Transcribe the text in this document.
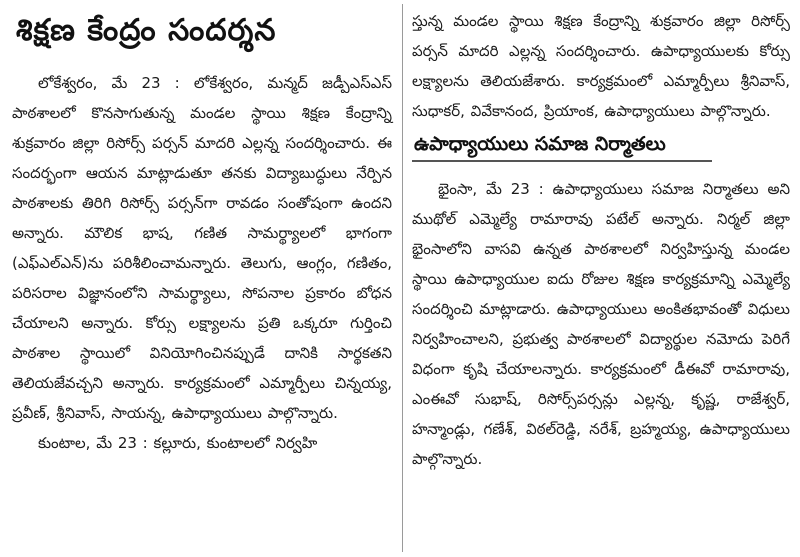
శిక్షణ కేంద్రం సందర్శన

లోకేశ్వరం, మే 23 : లోకేశ్వరం, మన్మద్ జడ్పీఎస్ఎస్ పాఠశాలలో కొనసాగుతున్న మండల స్థాయి శిక్షణ కేంద్రాన్ని శుక్రవారం జిల్లా రిసోర్స్ పర్సన్ మాదరి ఎల్లన్న సందర్శించారు. ఈ సందర్భంగా ఆయన మాట్లాడుతూ తనకు విద్యాబుద్ధులు నేర్పిన పాఠశాలకు తిరిగి రిసోర్స్ పర్సన్‌గా రావడం సంతోషంగా ఉందని అన్నారు. మౌలిక భాష, గణిత సామర్థ్యాలలో భాగంగా (ఎఫ్ఎల్ఎన్)ను పరిశీలించామన్నారు. తెలుగు, ఆంగ్లం, గణితం, పరిసరాల విజ్ఞానంలోని సామర్థ్యాలు, సోపనాల ప్రకారం బోధన చేయాలని అన్నారు. కోర్సు లక్ష్యాలను ప్రతి ఒక్కరూ గుర్తించి పాఠశాల స్థాయిలో వినియోగించినప్పుడే దానికి సార్థకతని తెలియజేవచ్చని అన్నారు. కార్యక్రమంలో ఎమ్మార్పీలు చిన్నయ్య, ప్రవీణ్, శ్రీనివాస్, సాయన్న, ఉపాధ్యాయులు పాల్గొన్నారు.

కుంటాల, మే 23 : కల్లూరు, కుంటాలలో నిర్వహి

స్తున్న మండల స్థాయి శిక్షణ కేంద్రాన్ని శుక్రవారం జిల్లా రిసోర్స్ పర్సన్ మాదరి ఎల్లన్న సందర్శించారు. ఉపాధ్యాయులకు కోర్సు లక్ష్యాలను తెలియజేశారు. కార్యక్రమంలో ఎమ్మార్పీలు శ్రీనివాస్, సుధాకర్, వివేకానంద, ప్రియాంక, ఉపాధ్యాయులు పాల్గొన్నారు.

ఉపాధ్యాయులు సమాజ నిర్మాతలు

భైంసా, మే 23 : ఉపాధ్యాయులు సమాజ నిర్మాతలు అని ముథోల్ ఎమ్మెల్యే రామారావు పటేల్ అన్నారు. నిర్మల్ జిల్లా భైంసాలోని వాసవి ఉన్నత పాఠశాలలో నిర్వహిస్తున్న మండల స్థాయి ఉపాధ్యాయుల ఐదు రోజుల శిక్షణ కార్యక్రమాన్ని ఎమ్మెల్యే సందర్శించి మాట్లాడారు. ఉపాధ్యాయులు అంకితభావంతో విధులు నిర్వహించాలని, ప్రభుత్వ పాఠశాలలో విద్యార్థుల నమోదు పెరిగే విధంగా కృషి చేయాలన్నారు. కార్యక్రమంలో డీఈవో రామారావు, ఎంఈవో సుభాష్, రిసోర్స్‌పర్సన్లు ఎల్లన్న, కృష్ణ, రాజేశ్వర్, హన్మాండ్లు, గణేశ్, విఠల్‌రెడ్డి, నరేశ్, బ్రహ్మయ్య, ఉపాధ్యాయులు పాల్గొన్నారు.
